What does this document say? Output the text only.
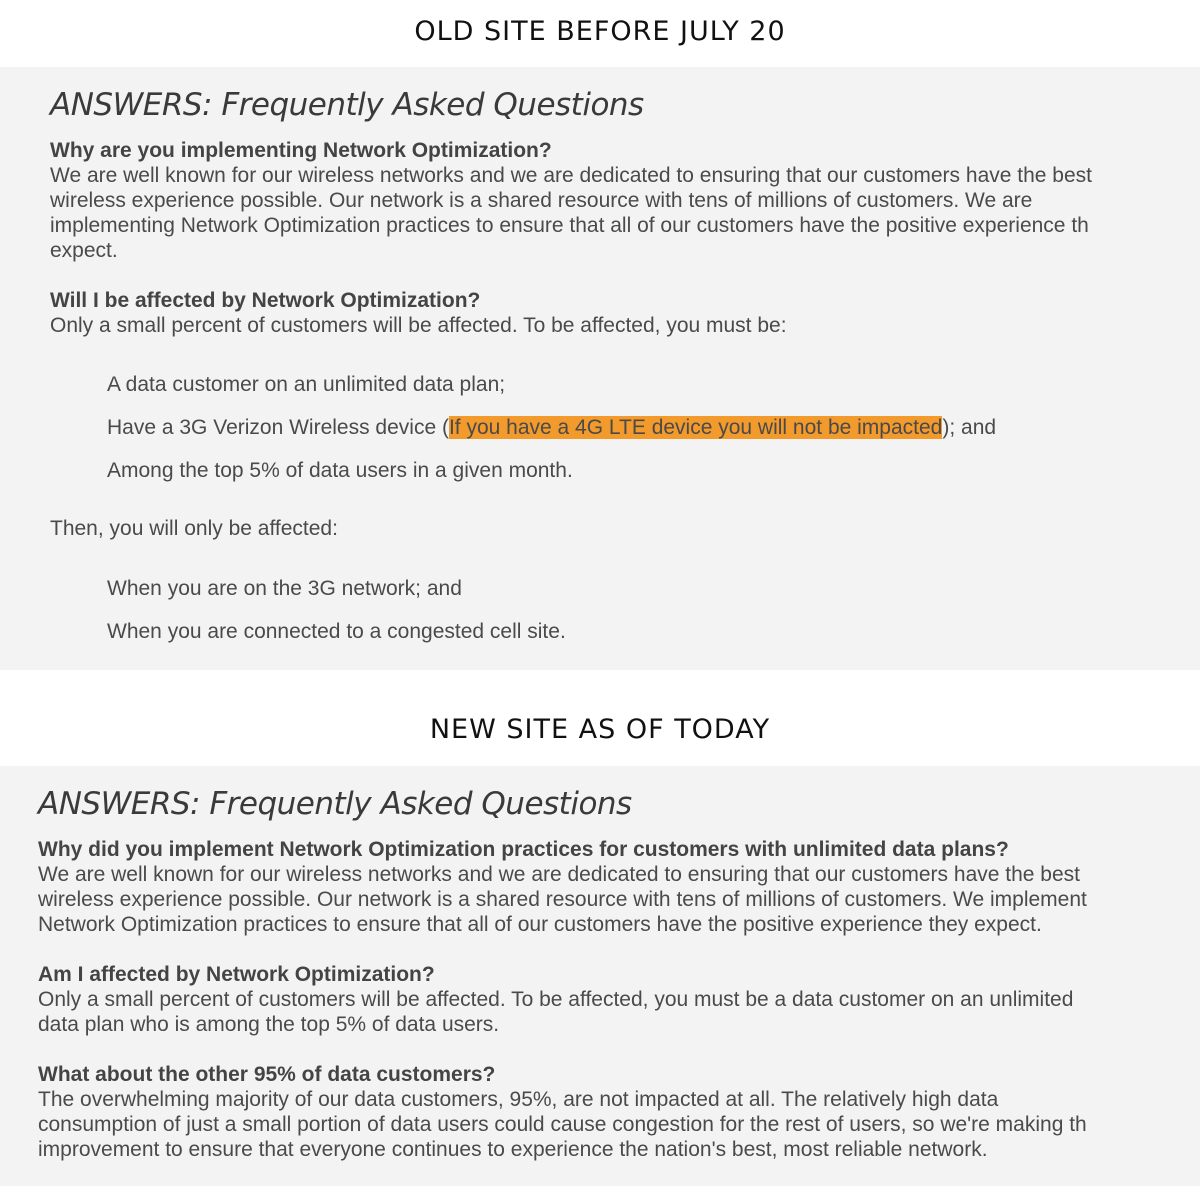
OLD SITE BEFORE JULY 20
ANSWERS: Frequently Asked Questions
Why are you implementing Network Optimization?
We are well known for our wireless networks and we are dedicated to ensuring that our customers have the best
wireless experience possible. Our network is a shared resource with tens of millions of customers. We are
implementing Network Optimization practices to ensure that all of our customers have the positive experience th
expect.
Will I be affected by Network Optimization?
Only a small percent of customers will be affected. To be affected, you must be:
A data customer on an unlimited data plan;
Have a 3G Verizon Wireless device (If you have a 4G LTE device you will not be impacted); and
Among the top 5% of data users in a given month.
Then, you will only be affected:
When you are on the 3G network; and
When you are connected to a congested cell site.
NEW SITE AS OF TODAY
ANSWERS: Frequently Asked Questions
Why did you implement Network Optimization practices for customers with unlimited data plans?
We are well known for our wireless networks and we are dedicated to ensuring that our customers have the best
wireless experience possible. Our network is a shared resource with tens of millions of customers. We implement
Network Optimization practices to ensure that all of our customers have the positive experience they expect.
Am I affected by Network Optimization?
Only a small percent of customers will be affected. To be affected, you must be a data customer on an unlimited
data plan who is among the top 5% of data users.
What about the other 95% of data customers?
The overwhelming majority of our data customers, 95%, are not impacted at all. The relatively high data
consumption of just a small portion of data users could cause congestion for the rest of users, so we're making th
improvement to ensure that everyone continues to experience the nation's best, most reliable network.
